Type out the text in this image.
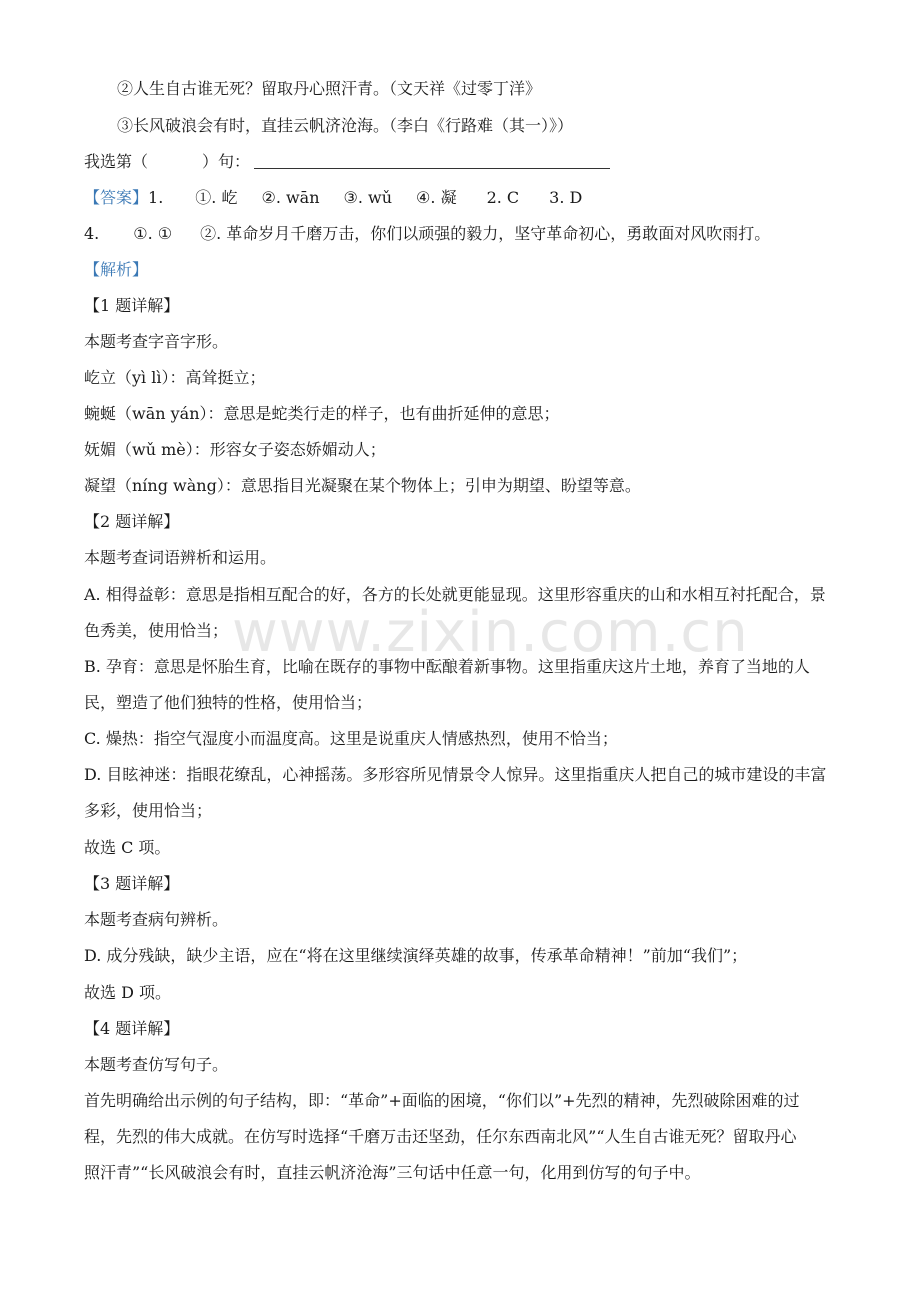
②人生自古谁无死？留取丹心照汗青。（文天祥《过零丁洋》
③长风破浪会有时，直挂云帆济沧海。（李白《行路难（其一）》）
我选第（	）句：
【答案】1. ①. 屹 ②. wān ③. wǔ ④. 凝 2. C 3. D
4. ①. ① ②. 革命岁月千磨万击，你们以顽强的毅力，坚守革命初心，勇敢面对风吹雨打。
【解析】
【1 题详解】
本题考查字音字形。
屹立（yì lì）：高耸挺立；
蜿蜒（wān yán）：意思是蛇类行走的样子，也有曲折延伸的意思；
妩媚（wǔ mè）：形容女子姿态娇媚动人；
凝望（níng wàng）：意思指目光凝聚在某个物体上；引申为期望、盼望等意。
【2 题详解】
本题考查词语辨析和运用。
A. 相得益彰：意思是指相互配合的好，各方的长处就更能显现。这里形容重庆的山和水相互衬托配合，景
色秀美，使用恰当；
B. 孕育：意思是怀胎生育，比喻在既存的事物中酝酿着新事物。这里指重庆这片土地，养育了当地的人
民，塑造了他们独特的性格，使用恰当；
C. 燥热：指空气湿度小而温度高。这里是说重庆人情感热烈，使用不恰当；
D. 目眩神迷：指眼花缭乱，心神摇荡。多形容所见情景令人惊异。这里指重庆人把自己的城市建设的丰富
多彩，使用恰当；
故选 C 项。
【3 题详解】
本题考查病句辨析。
D. 成分残缺，缺少主语，应在“将在这里继续演绎英雄的故事，传承革命精神！”前加“我们”；
故选 D 项。
【4 题详解】
本题考查仿写句子。
首先明确给出示例的句子结构，即：“革命”+面临的困境，“你们以”+先烈的精神，先烈破除困难的过
程，先烈的伟大成就。在仿写时选择“千磨万击还坚劲，任尔东西南北风”“人生自古谁无死？留取丹心
照汗青”“长风破浪会有时，直挂云帆济沧海”三句话中任意一句，化用到仿写的句子中。
www.zixin.com.cn
